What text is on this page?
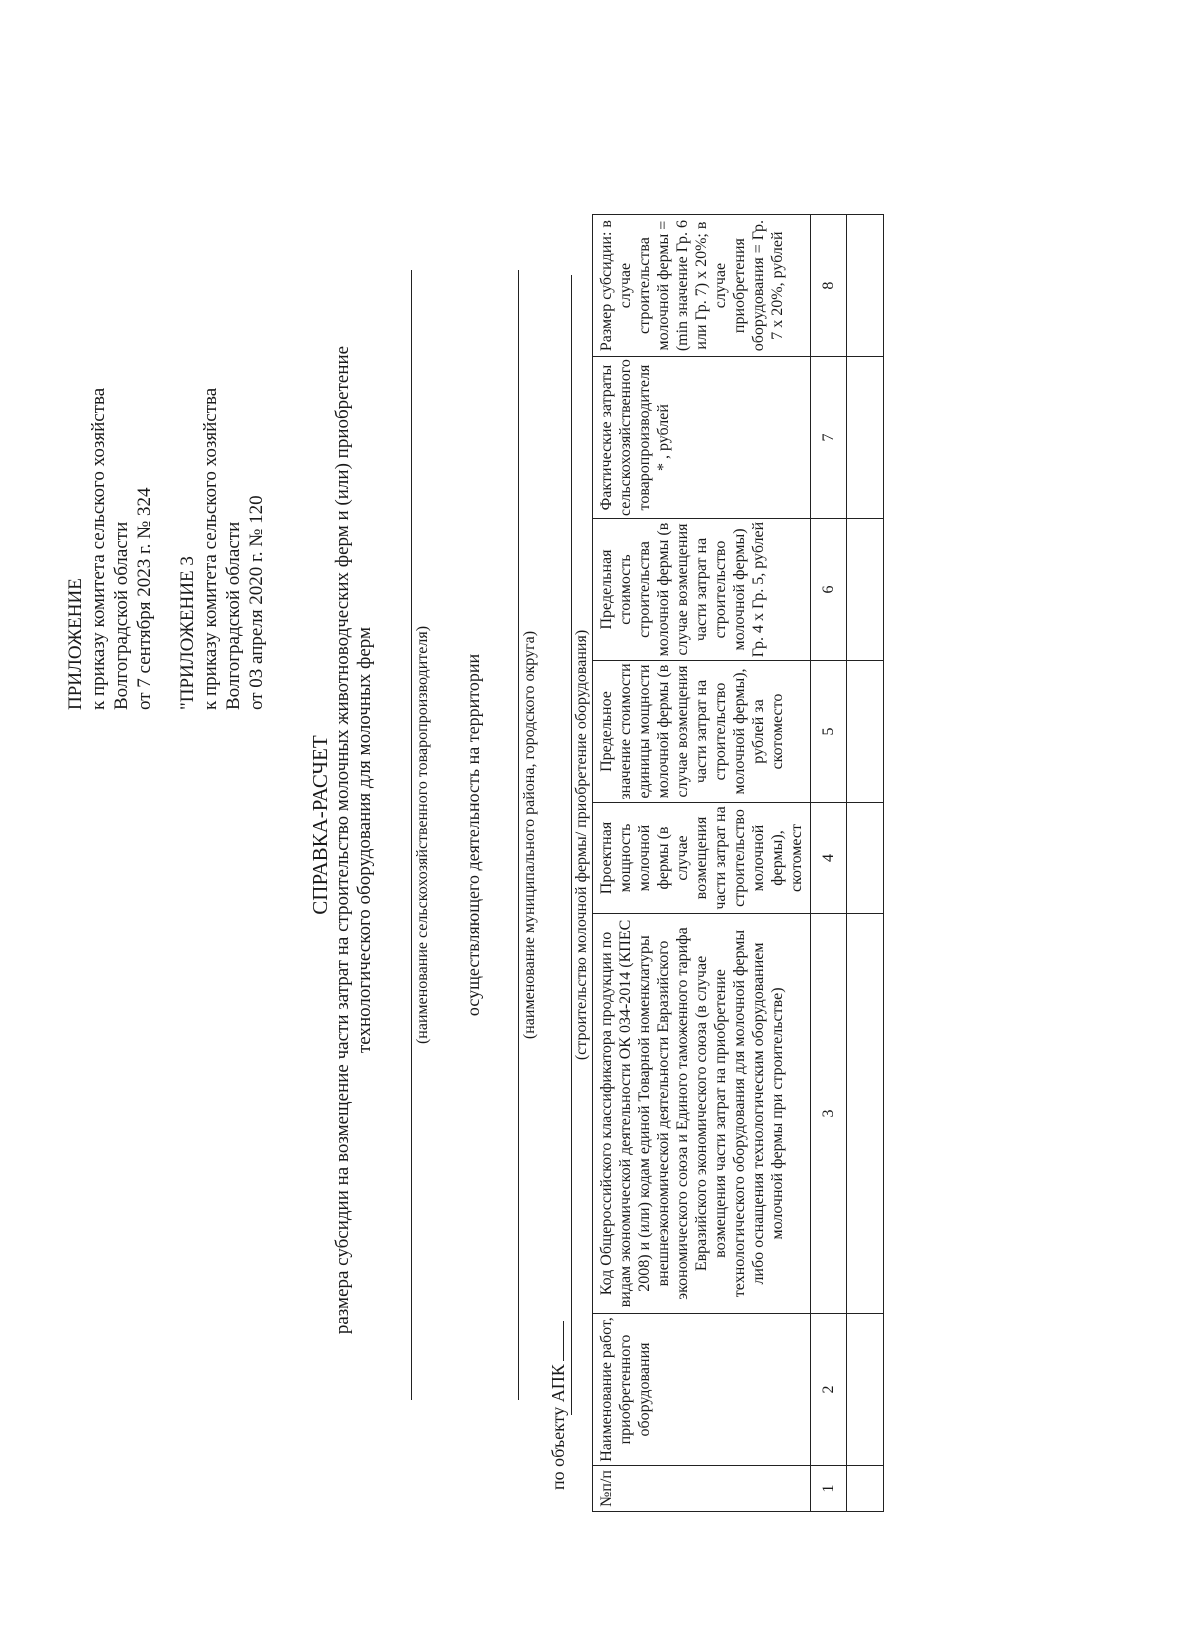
ПРИЛОЖЕНИЕ к приказу комитета сельского хозяйства Волгоградской области от 7 сентября 2023 г. № 324 "ПРИЛОЖЕНИЕ 3 к приказу комитета сельского хозяйства Волгоградской области от 03 апреля 2020 г. № 120
СПРАВКА-РАСЧЕТ размера субсидии на возмещение части затрат на строительство молочных животноводческих ферм и (или) приобретение технологического оборудования для молочных ферм (наименование сельскохозяйственного товаропроизводителя) осуществляющего деятельность на территории (наименование муниципального района, городского округа)
по объекту АПК
(строительство молочной фермы/ приобретение оборудования)
№п/п	Наименование работ, приобретенного оборудования	Код Общероссийского классификатора продукции по видам экономической деятельности ОК 034-2014 (КПЕС 2008) и (или) кодам единой Товарной номенклатуры внешнеэкономической деятельности Евразийского экономического союза и Единого таможенного тарифа Евразийского экономического союза (в случае возмещения части затрат на приобретение технологического оборудования для молочной фермы либо оснащения технологическим оборудованием молочной фермы при строительстве)	Проектная мощность молочной фермы (в случае возмещения части затрат на строительство молочной фермы), скотомест	Предельное значение стоимости единицы мощности молочной фермы (в случае возмещения части затрат на строительство молочной фермы), рублей за скотоместо	Предельная стоимость строительства молочной фермы (в случае возмещения части затрат на строительство молочной фермы) Гр. 4 х Гр. 5, рублей	Фактические затраты сельскохозяйственного товаропроизводителя * , рублей	Размер субсидии: в случае строительства молочной фермы = (min значение Гр. 6 или Гр. 7) х 20%; в случае приобретения оборудования = Гр. 7 х 20%, рублей
1	2	3	4	5	6	7	8
